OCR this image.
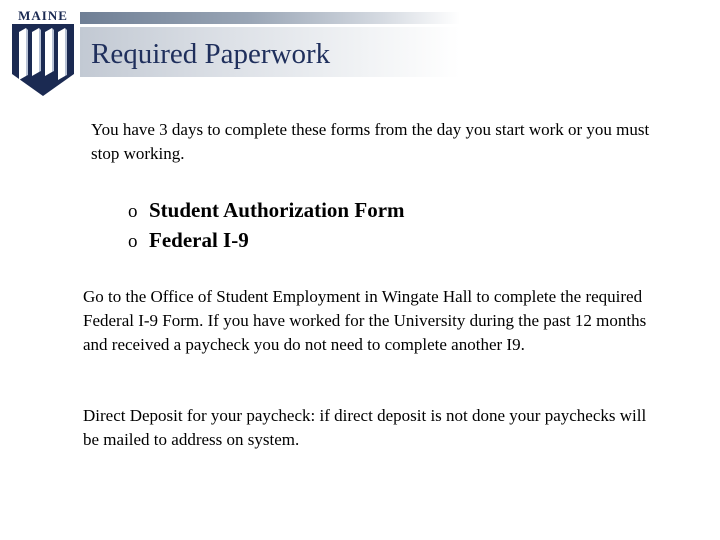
MAINE
Required Paperwork
You have 3 days to complete these forms from the day you start work or you must stop working.
o Student Authorization Form
o Federal I-9
Go to the Office of Student Employment in Wingate Hall to complete the required Federal I-9 Form. If you have worked for the University during the past 12 months and received a paycheck you do not need to complete another I9.
Direct Deposit for your paycheck: if direct deposit is not done your paychecks will be mailed to address on system.
